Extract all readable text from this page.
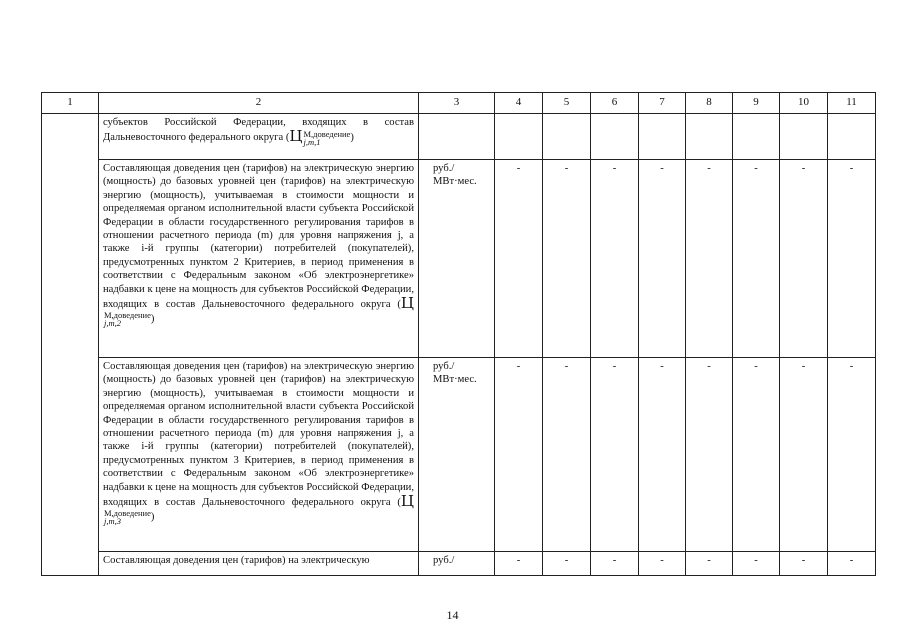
1	2	3	4	5	6	7	8	9	10	11
	субъектов Российской Федерации, входящих в состав Дальневосточного федерального округа (Ц М,доведение
j,m,1 )									
	Составляющая доведения цен (тарифов) на электрическую энергию (мощность) до базовых уровней цен (тарифов) на электрическую энергию (мощность), учитываемая в стоимости мощности и определяемая органом исполнительной власти субъекта Российской Федерации в области государственного регулирования тарифов в отношении расчетного периода (m) для уровня напряжения j, а также i-й группы (категории) потребителей (покупателей), предусмотренных пунктом 2 Критериев, в период применения в соответствии с Федеральным законом «Об электроэнергетике» надбавки к цене на мощность для субъектов Российской Федерации, входящих в состав Дальневосточного федерального округа (Ц
М,доведение
j,m,2 )	руб./ МВт·мес.	-	-	-	-	-	-	-	-
	Составляющая доведения цен (тарифов) на электрическую энергию (мощность) до базовых уровней цен (тарифов) на электрическую энергию (мощность), учитываемая в стоимости мощности и определяемая органом исполнительной власти субъекта Российской Федерации в области государственного регулирования тарифов в отношении расчетного периода (m) для уровня напряжения j, а также i-й группы (категории) потребителей (покупателей), предусмотренных пунктом 3 Критериев, в период применения в соответствии с Федеральным законом «Об электроэнергетике» надбавки к цене на мощность для субъектов Российской Федерации, входящих в состав Дальневосточного федерального округа (Ц
М,доведение
j,m,3 )	руб./ МВт·мес.	-	-	-	-	-	-	-	-
	Составляющая доведения цен (тарифов) на электрическую	руб./	-	-	-	-	-	-	-	-
14
